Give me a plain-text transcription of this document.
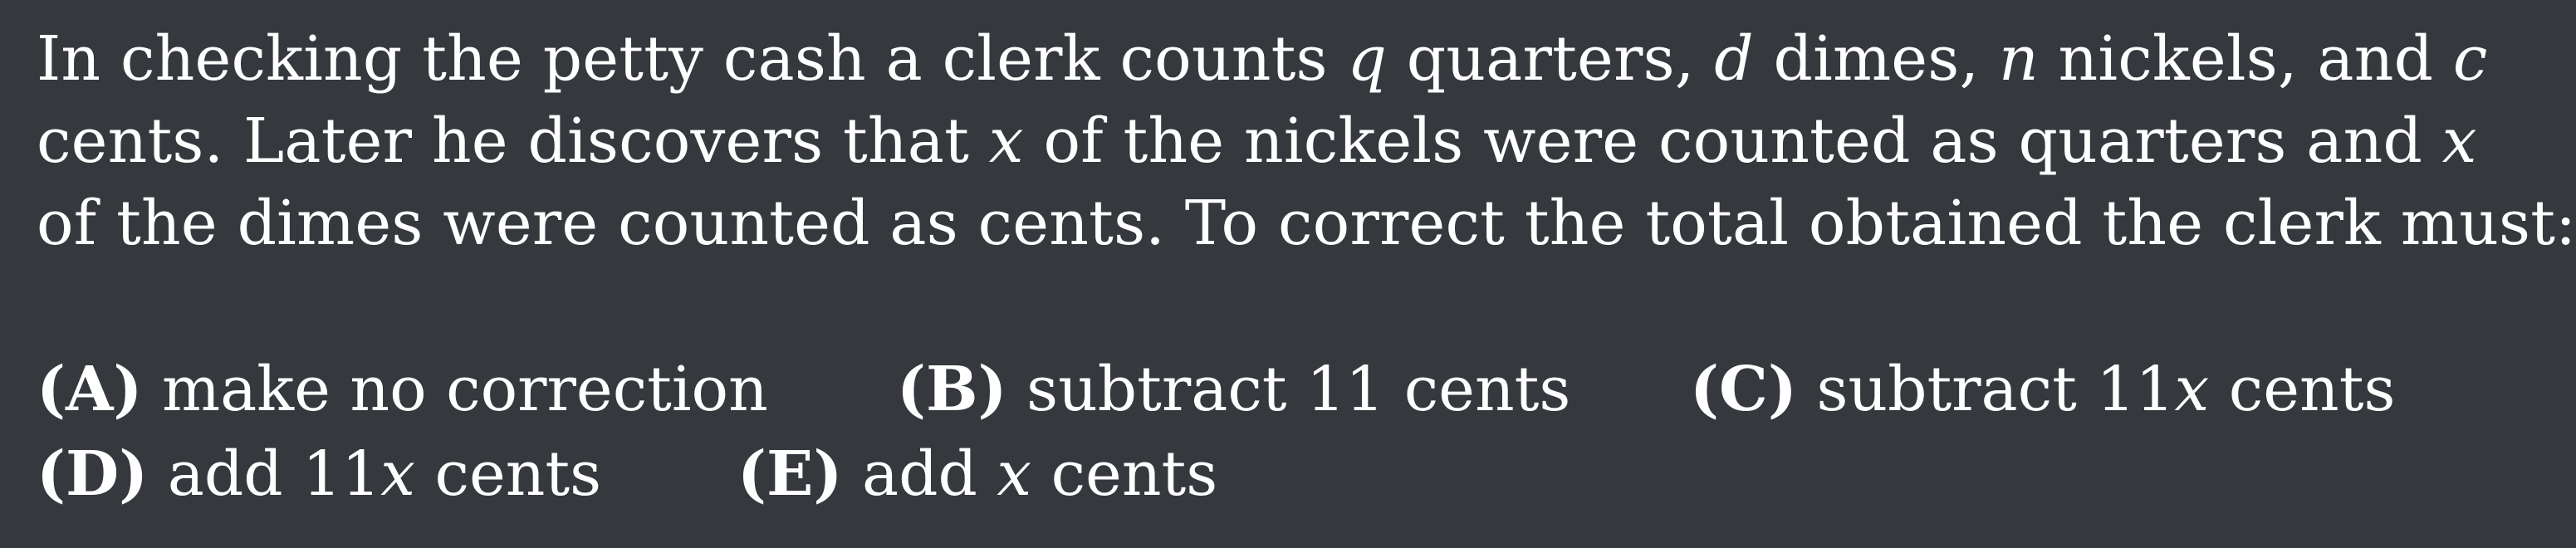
In checking the petty cash a clerk counts q quarters, d dimes, n nickels, and c
cents. Later he discovers that x of the nickels were counted as quarters and x
of the dimes were counted as cents. To correct the total obtained the clerk must:
(A) make no correction (B) subtract 11 cents (C) subtract 11x cents
(D) add 11x cents (E) add x cents
